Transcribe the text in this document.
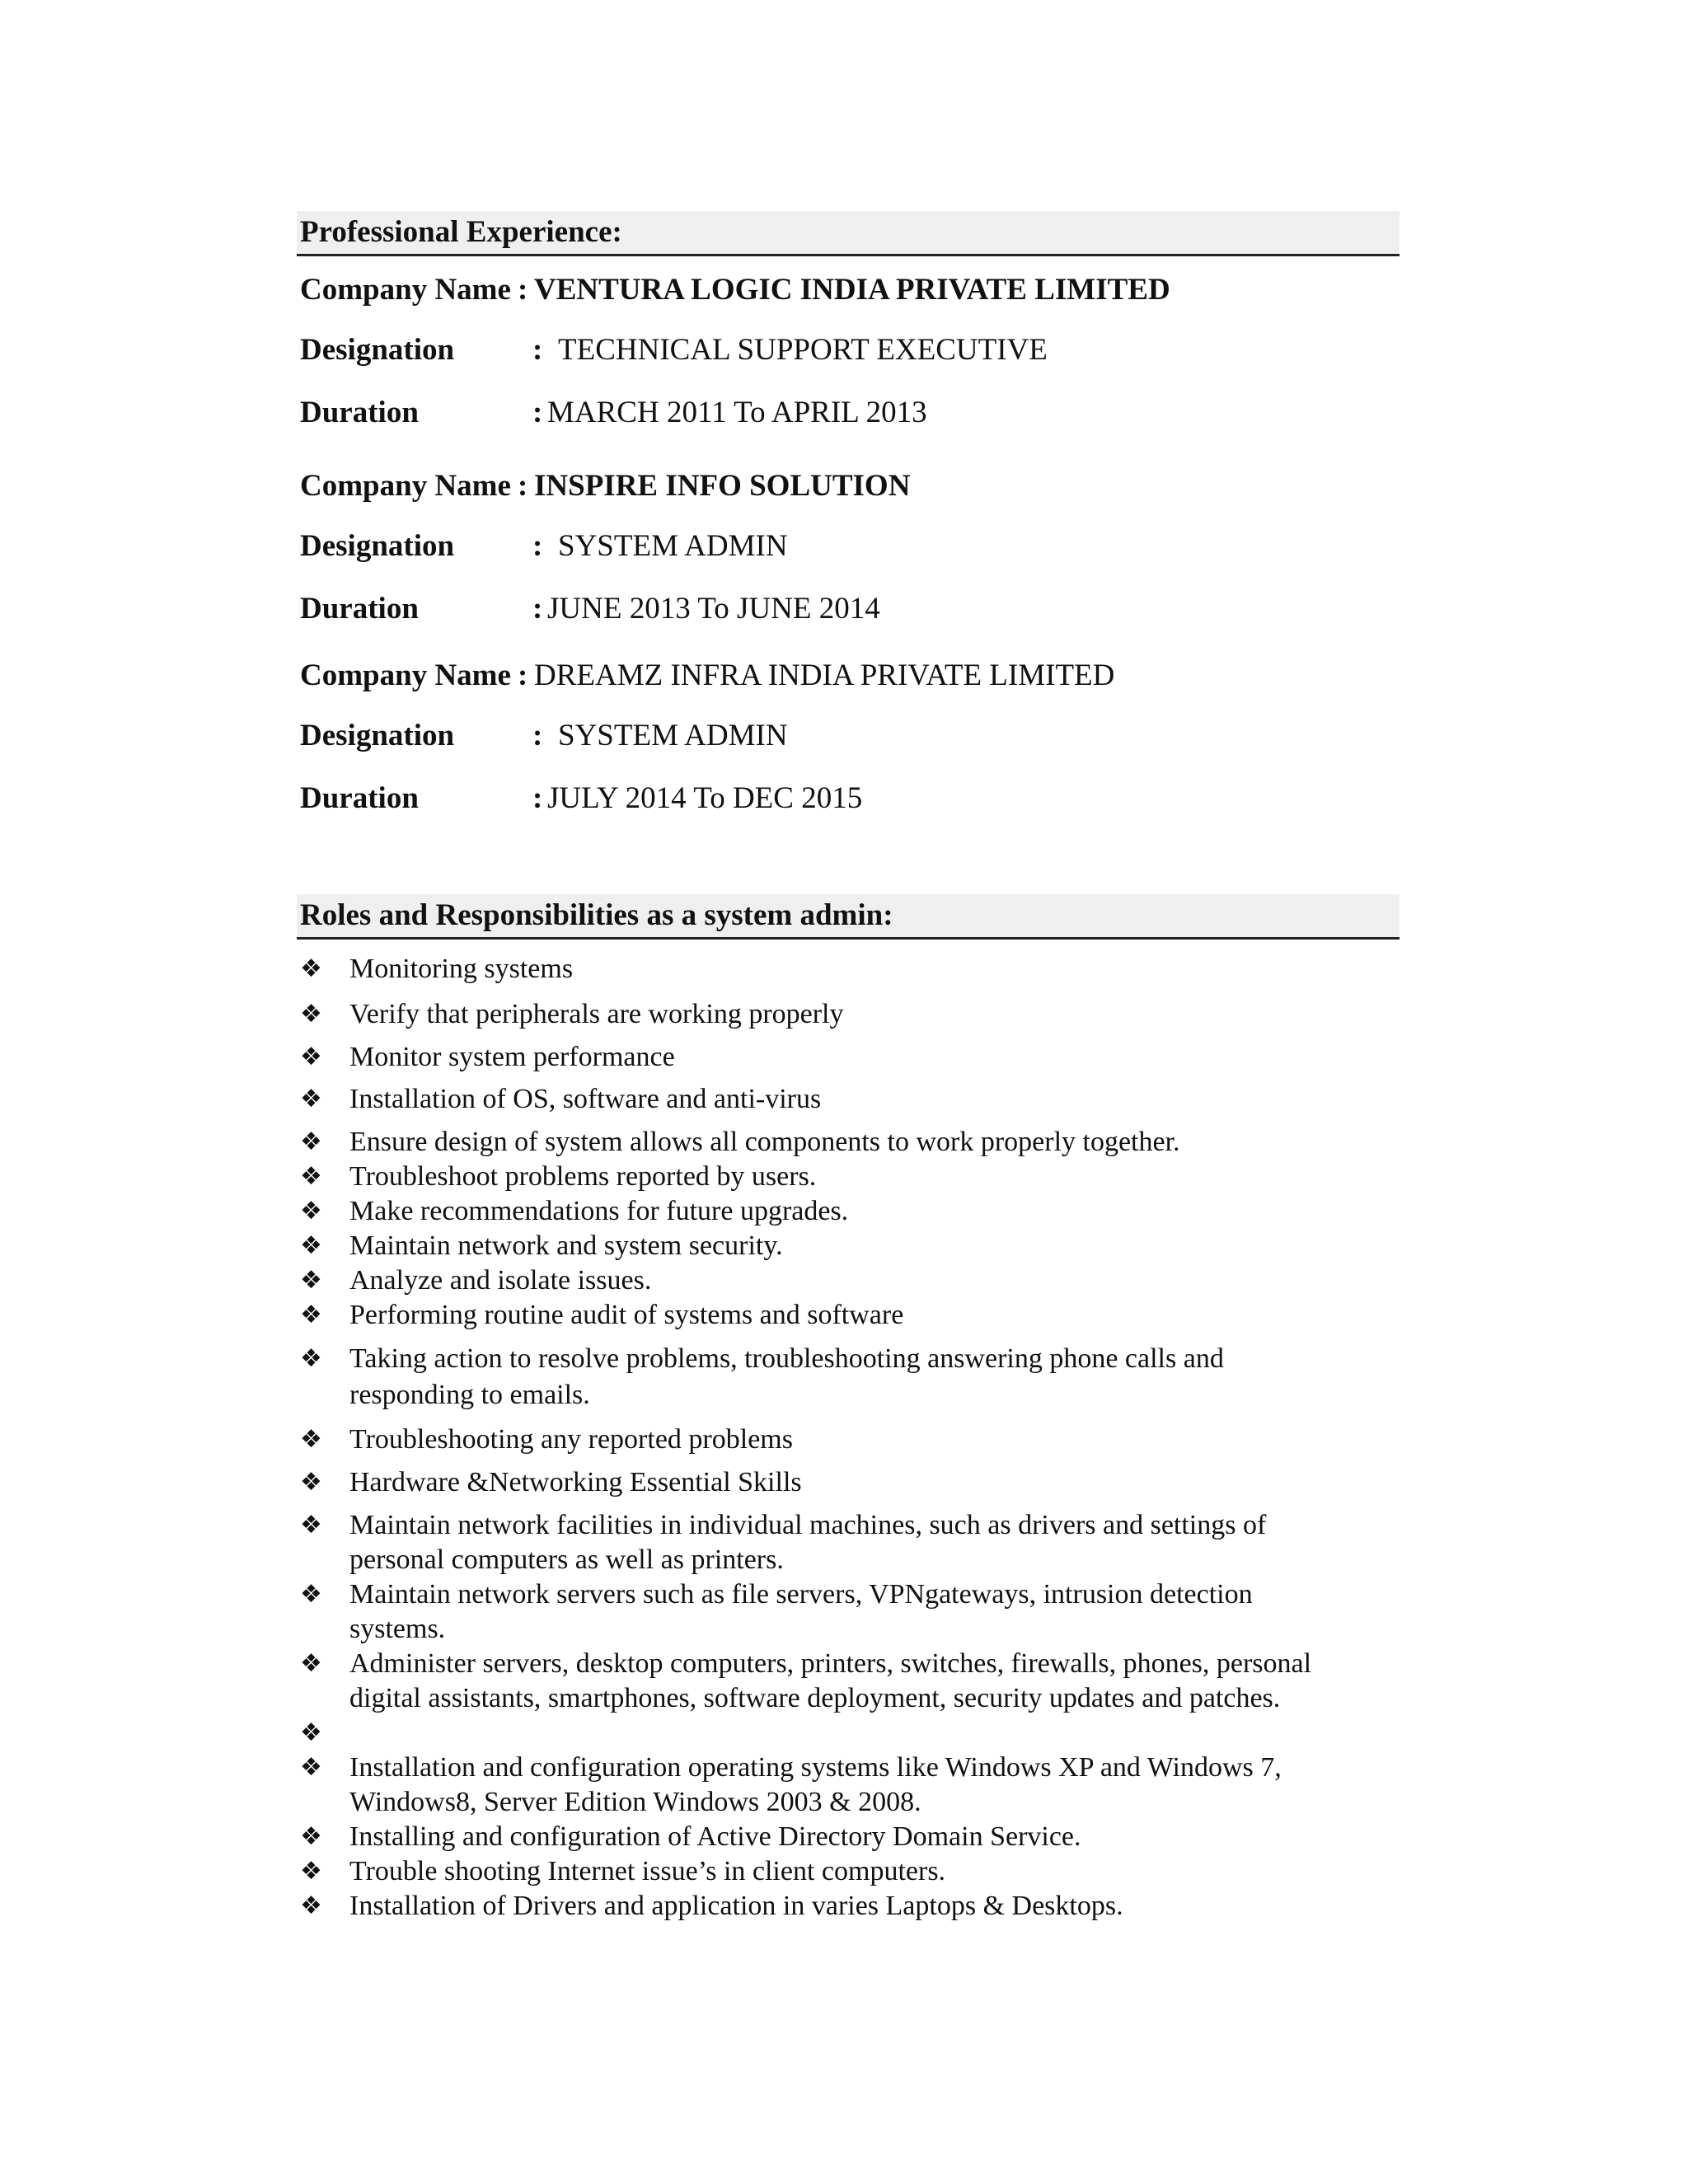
Professional Experience:
Company Name : VENTURA LOGIC INDIA PRIVATE LIMITED
Designation	: TECHNICAL SUPPORT EXECUTIVE
Duration	: MARCH 2011 To APRIL 2013
Company Name : INSPIRE INFO SOLUTION
Designation	: SYSTEM ADMIN
Duration	: JUNE 2013 To JUNE 2014
Company Name : DREAMZ INFRA INDIA PRIVATE LIMITED
Designation	: SYSTEM ADMIN
Duration	: JULY 2014 To DEC 2015
Roles and Responsibilities as a system admin:
❖ Monitoring systems
❖ Verify that peripherals are working properly
❖ Monitor system performance
❖ Installation of OS, software and anti-virus
❖ Ensure design of system allows all components to work properly together.
❖ Troubleshoot problems reported by users.
❖ Make recommendations for future upgrades.
❖ Maintain network and system security.
❖ Analyze and isolate issues.
❖ Performing routine audit of systems and software
❖ Taking action to resolve problems, troubleshooting answering phone calls and
responding to emails.
❖ Troubleshooting any reported problems
❖ Hardware &Networking Essential Skills
❖ Maintain network facilities in individual machines, such as drivers and settings of
personal computers as well as printers.
❖ Maintain network servers such as file servers, VPNgateways, intrusion detection
systems.
❖ Administer servers, desktop computers, printers, switches, firewalls, phones, personal
digital assistants, smartphones, software deployment, security updates and patches.
❖
❖ Installation and configuration operating systems like Windows XP and Windows 7,
Windows8, Server Edition Windows 2003 & 2008.
❖ Installing and configuration of Active Directory Domain Service.
❖ Trouble shooting Internet issue’s in client computers.
❖ Installation of Drivers and application in varies Laptops & Desktops.
